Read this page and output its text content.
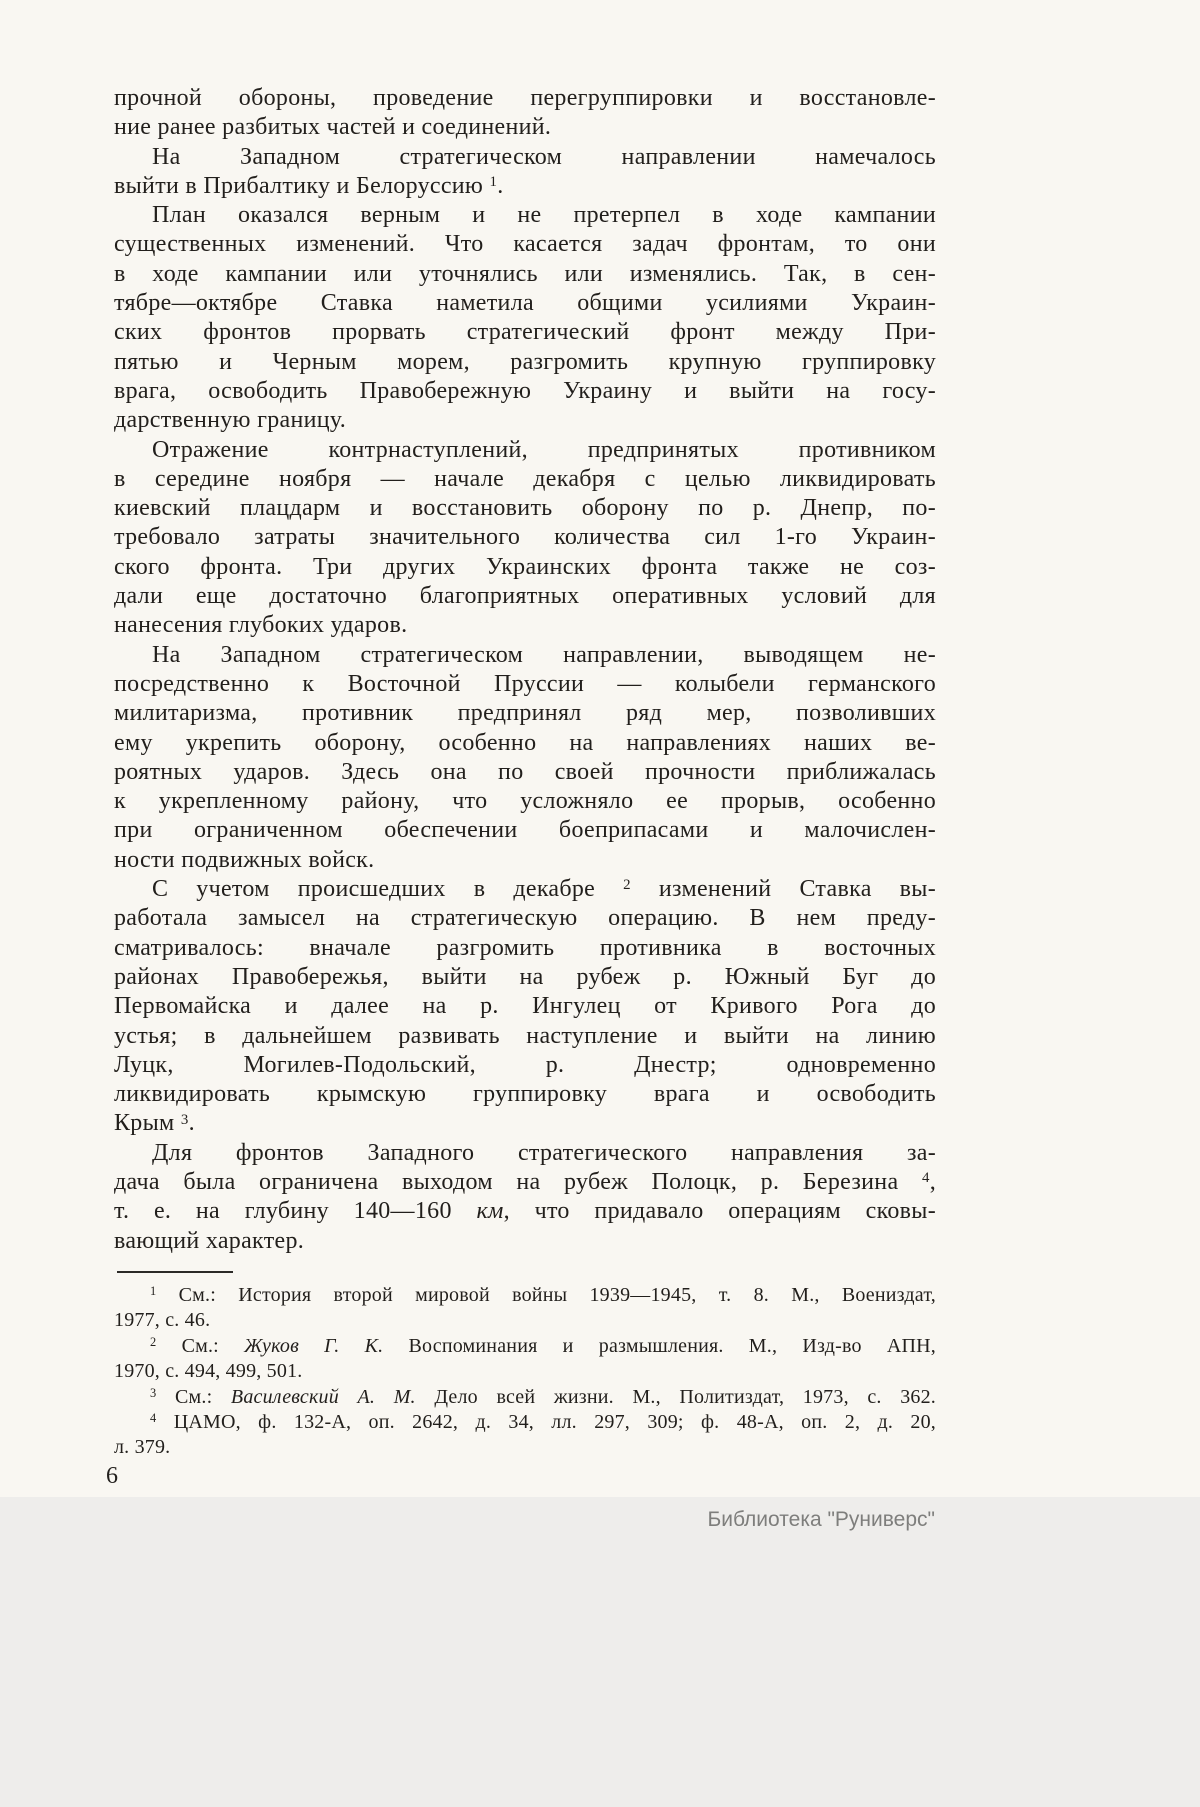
прочной обороны, проведение перегруппировки и восстановле-
ние ранее разбитых частей и соединений.
На Западном стратегическом направлении намечалось
выйти в Прибалтику и Белоруссию $^1$.
План оказался верным и не претерпел в ходе кампании
существенных изменений. Что касается задач фронтам, то они
в ходе кампании или уточнялись или изменялись. Так, в сен-
тябре—октябре Ставка наметила общими усилиями Украин-
ских фронтов прорвать стратегический фронт между При-
пятью и Черным морем, разгромить крупную группировку
врага, освободить Правобережную Украину и выйти на госу-
дарственную границу.
Отражение контрнаступлений, предпринятых противником
в середине ноября — начале декабря с целью ликвидировать
киевский плацдарм и восстановить оборону по р. Днепр, по-
требовало затраты значительного количества сил 1-го Украин-
ского фронта. Три других Украинских фронта также не соз-
дали еще достаточно благоприятных оперативных условий для
нанесения глубоких ударов.
На Западном стратегическом направлении, выводящем не-
посредственно к Восточной Пруссии — колыбели германского
милитаризма, противник предпринял ряд мер, позволивших
ему укрепить оборону, особенно на направлениях наших ве-
роятных ударов. Здесь она по своей прочности приближалась
к укрепленному району, что усложняло ее прорыв, особенно
при ограниченном обеспечении боеприпасами и малочислен-
ности подвижных войск.
С учетом происшедших в декабре $^2$ изменений Ставка вы-
работала замысел на стратегическую операцию. В нем преду-
сматривалось: вначале разгромить противника в восточных
районах Правобережья, выйти на рубеж р. Южный Буг до
Первомайска и далее на р. Ингулец от Кривого Рога до
устья; в дальнейшем развивать наступление и выйти на линию
Луцк, Могилев-Подольский, р. Днестр; одновременно
ликвидировать крымскую группировку врага и освободить
Крым $^3$.
Для фронтов Западного стратегического направления за-
дача была ограничена выходом на рубеж Полоцк, р. Березина $^4$,
т. е. на глубину 140—160 км, что придавало операциям сковы-
вающий характер.
$^1$ См.: История второй мировой войны 1939—1945, т. 8. М., Воениздат,
1977, с. 46.
$^2$ См.: Жуков Г. К. Воспоминания и размышления. М., Изд-во АПН,
1970, с. 494, 499, 501.
$^3$ См.: Василевский А. М. Дело всей жизни. М., Политиздат, 1973, с. 362.
$^4$ ЦАМО, ф. 132-А, оп. 2642, д. 34, лл. 297, 309; ф. 48-А, оп. 2, д. 20,
л. 379.
6
Библиотека "Руниверс"
